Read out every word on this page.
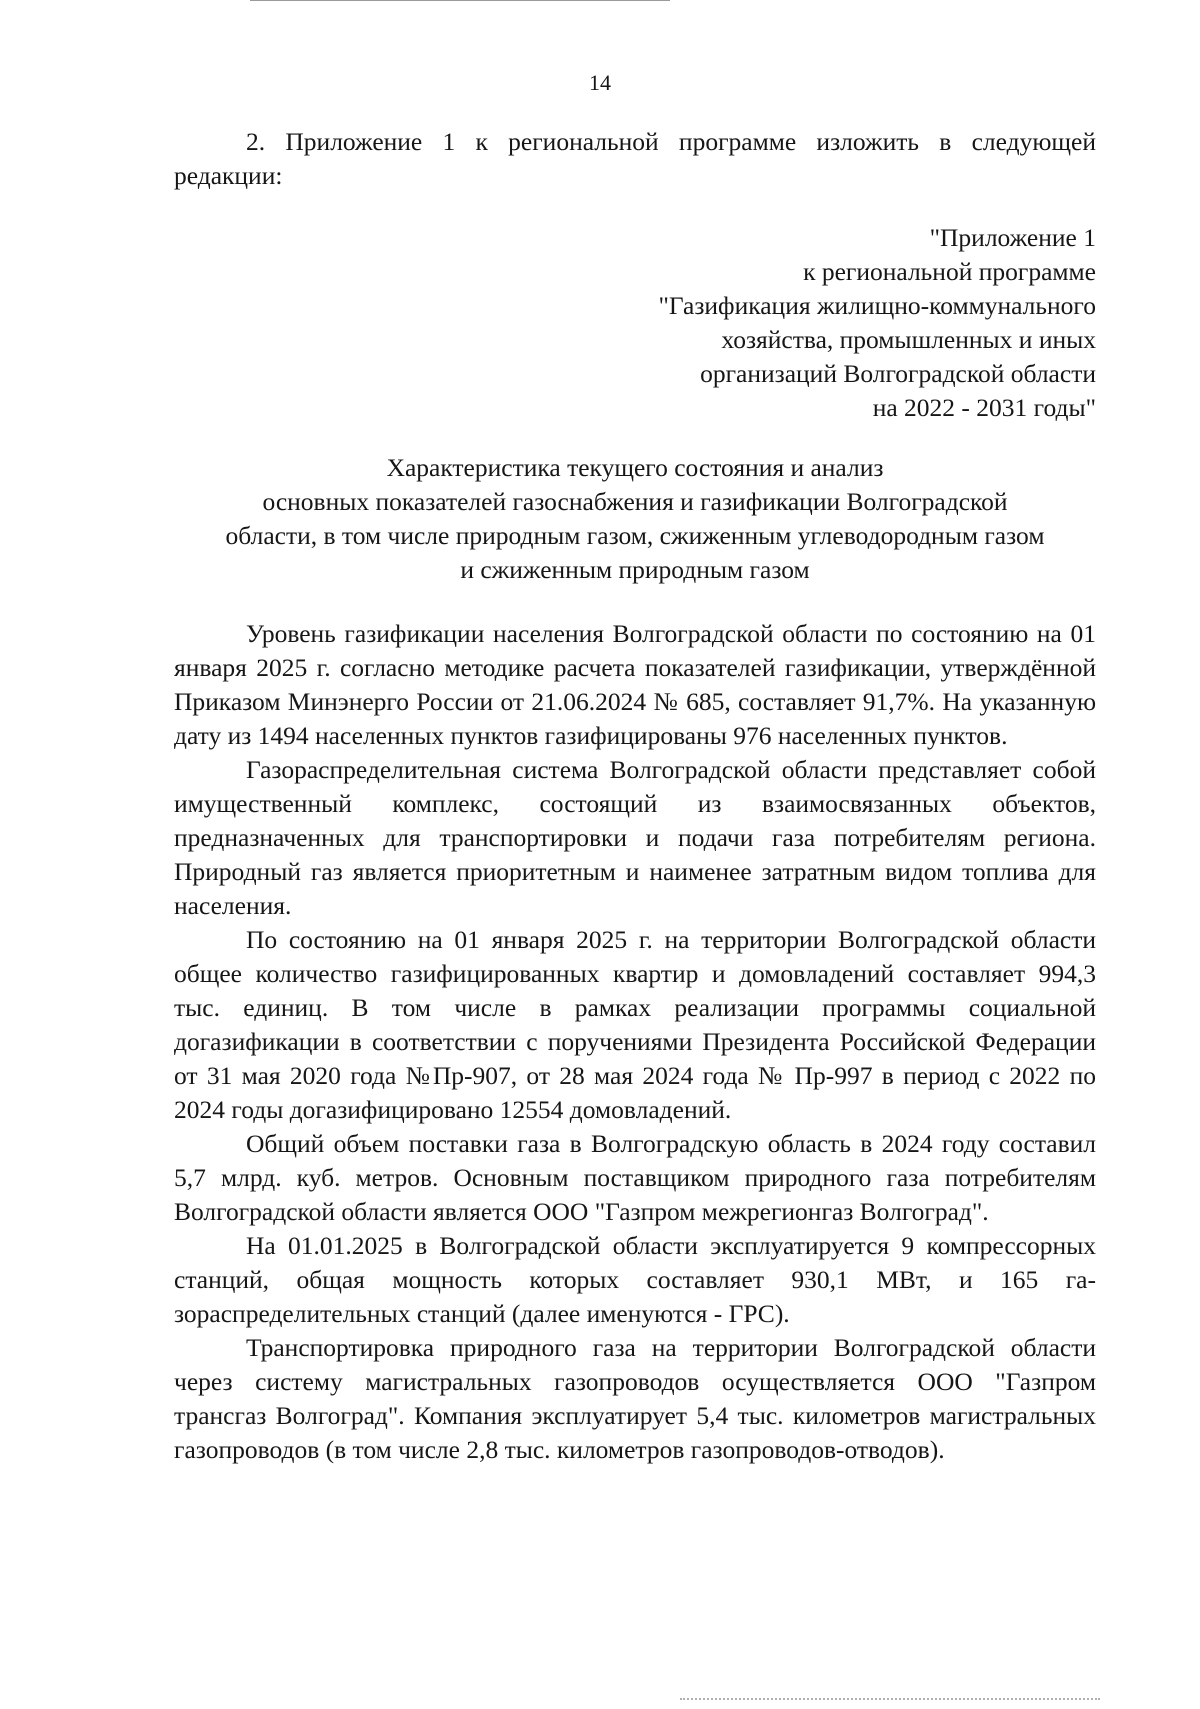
14

2. Приложение 1 к региональной программе изложить в следующей редакции:

"Приложение 1
к региональной программе
"Газификация жилищно-коммунального
хозяйства, промышленных и иных
организаций Волгоградской области
на 2022 - 2031 годы"
Характеристика текущего состояния и анализ
основных показателей газоснабжения и газификации Волгоградской
области, в том числе природным газом, сжиженным углеводородным газом
и сжиженным природным газом

Уровень газификации населения Волгоградской области по состоянию на 01 января 2025 г. согласно методике расчета показателей газификации, утверждённой Приказом Минэнерго России от 21.06.2024 № 685, составляет 91,7%. На указанную дату из 1494 населенных пунктов газифицированы 976 населенных пунктов.

Газораспределительная система Волгоградской области представляет собой имущественный комплекс, состоящий из взаимосвязанных объектов, предназначенных для транспортировки и подачи газа потребителям региона. Природный газ является приоритетным и наименее затратным видом топлива для населения.

По состоянию на 01 января 2025 г. на территории Волгоградской области общее количество газифицированных квартир и домовладений составляет 994,3 тыс. единиц. В том числе в рамках реализации программы социальной догазификации в соответствии с поручениями Президента Российской Федерации от 31 мая 2020 года №Пр-907, от 28 мая 2024 года № Пр-997 в период с 2022 по 2024 годы догазифицировано 12554 домовладений.

Общий объем поставки газа в Волгоградскую область в 2024 году составил 5,7 млрд. куб. метров. Основным поставщиком природного газа потребителям Волгоградской области является ООО "Газпром межрегионгаз Волгоград".

На 01.01.2025 в Волгоградской области эксплуатируется 9 компрессорных станций, общая мощность которых составляет 930,1 МВт, и 165 газораспределительных станций (далее именуются - ГРС).

Транспортировка природного газа на территории Волгоградской области через систему магистральных газопроводов осуществляется ООО "Газпром трансгаз Волгоград". Компания эксплуатирует 5,4 тыс. километров магистральных газопроводов (в том числе 2,8 тыс. километров газопроводов-отводов).
